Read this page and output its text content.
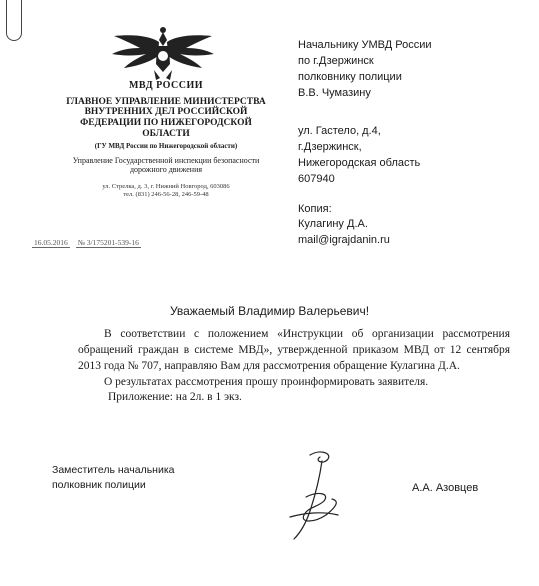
МВД РОССИИ
ГЛАВНОЕ УПРАВЛЕНИЕ МИНИСТЕРСТВА ВНУТРЕННИХ ДЕЛ РОССИЙСКОЙ ФЕДЕРАЦИИ ПО НИЖЕГОРОДСКОЙ ОБЛАСТИ
(ГУ МВД России по Нижегородской области)
Управление Государственной инспекции безопасности дорожного движения
ул. Стрелка, д. 3, г. Нижний Новгород, 603086
тел. (831) 246-56-28, 246-59-48
16.05.2016 № 3/175201-539-16
Начальнику УМВД России
по г.Дзержинск
полковнику полиции
В.В. Чумазину
ул. Гастело, д.4,
г.Дзержинск,
Нижегородская область
607940
Копия:
Кулагину Д.А.
mail@igrajdanin.ru
Уважаемый Владимир Валерьевич!

В соответствии с положением «Инструкции об организации рассмотрения обращений граждан в системе МВД», утвержденной приказом МВД от 12 сентября 2013 года № 707, направляю Вам для рассмотрения обращение Кулагина Д.А.

О результатах рассмотрения прошу проинформировать заявителя.

Приложение: на 2л. в 1 экз.

Заместитель начальника
полковник полиции	А.А. Азовцев
